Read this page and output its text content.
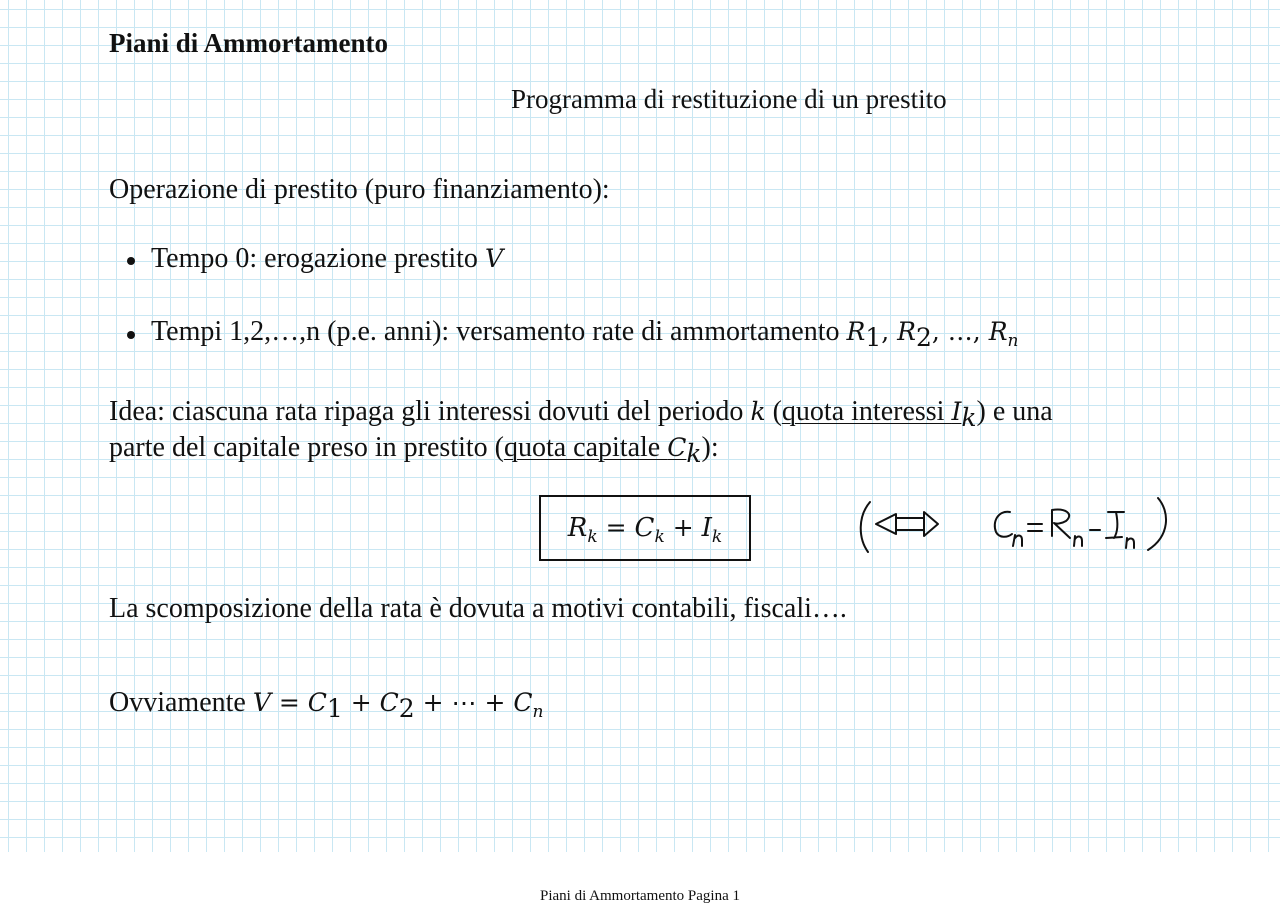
Piani di Ammortamento
Programma di restituzione di un prestito
Operazione di prestito (puro finanziamento):
Tempo 0: erogazione prestito V
Tempi 1,2,…,n (p.e. anni): versamento rate di ammortamento $R_1$, $R_2$, …, $R_n$
Idea: ciascuna rata ripaga gli interessi dovuti del periodo k (quota interessi $I_k$) e una
parte del capitale preso in prestito (quota capitale $C_k$):
$R_k = C_k + I_k$
La scomposizione della rata è dovuta a motivi contabili, fiscali….
Ovviamente $V = C_1 + C_2$ + ⋯ + $C_n$
Piani di Ammortamento Pagina 1
